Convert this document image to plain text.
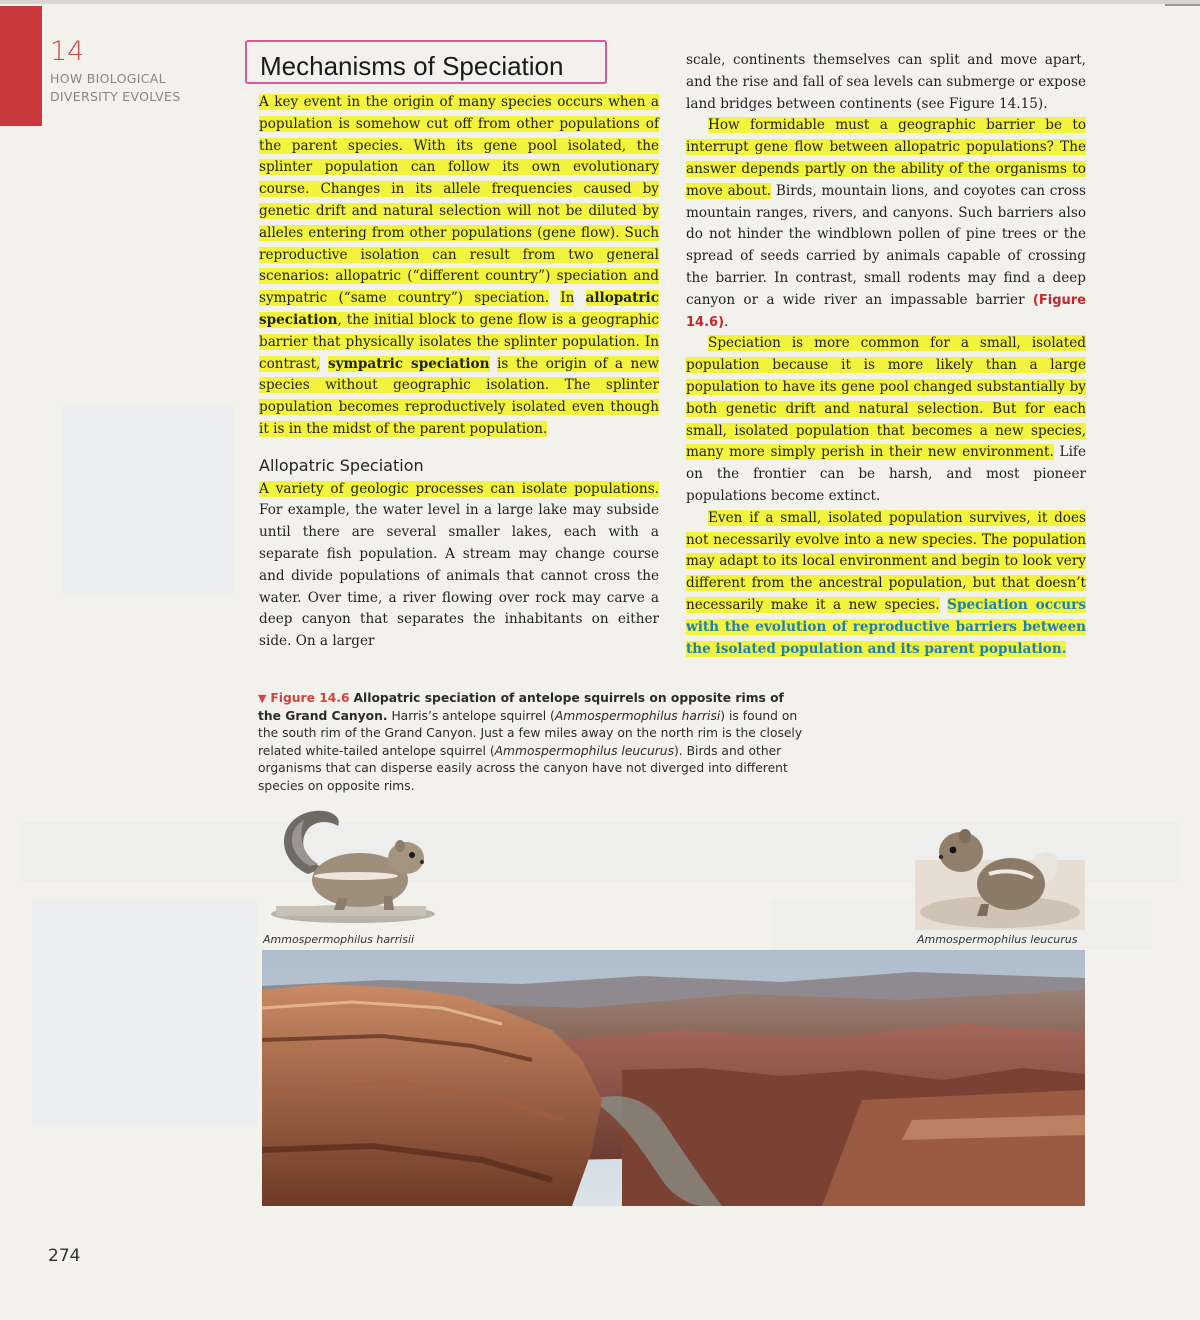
14
HOW BIOLOGICAL DIVERSITY EVOLVES
Mechanisms of Speciation

A key event in the origin of many species occurs when a population is somehow cut off from other populations of the parent species. With its gene pool isolated, the splinter population can follow its own evolutionary course. Changes in its allele frequencies caused by genetic drift and natural selection will not be diluted by alleles entering from other populations (gene flow). Such reproductive isolation can result from two general scenarios: allopatric (“different country”) speciation and sympatric (“same country”) speciation. In allopatric speciation, the initial block to gene flow is a geographic barrier that physically isolates the splinter population. In contrast, sympatric speciation is the origin of a new species without geographic isolation. The splinter population becomes reproductively isolated even though it is in the midst of the parent population.

Allopatric Speciation

A variety of geologic processes can isolate populations. For example, the water level in a large lake may subside until there are several smaller lakes, each with a separate fish population. A stream may change course and divide populations of animals that cannot cross the water. Over time, a river flowing over rock may carve a deep canyon that separates the inhabitants on either side. On a larger

scale, continents themselves can split and move apart, and the rise and fall of sea levels can submerge or expose land bridges between continents (see Figure 14.15).

How formidable must a geographic barrier be to interrupt gene flow between allopatric populations? The answer depends partly on the ability of the organisms to move about. Birds, mountain lions, and coyotes can cross mountain ranges, rivers, and canyons. Such barriers also do not hinder the windblown pollen of pine trees or the spread of seeds carried by animals capable of crossing the barrier. In contrast, small rodents may find a deep canyon or a wide river an impassable barrier (Figure 14.6).

Speciation is more common for a small, isolated population because it is more likely than a large population to have its gene pool changed substantially by both genetic drift and natural selection. But for each small, isolated population that becomes a new species, many more simply perish in their new environment. Life on the frontier can be harsh, and most pioneer populations become extinct.

Even if a small, isolated population survives, it does not necessarily evolve into a new species. The population may adapt to its local environment and begin to look very different from the ancestral population, but that doesn’t necessarily make it a new species. Speciation occurs with the evolution of reproductive barriers between the isolated population and its parent population.

▼ Figure 14.6 Allopatric speciation of antelope squirrels on opposite rims of the Grand Canyon. Harris’s antelope squirrel (Ammospermophilus harrisi) is found on the south rim of the Grand Canyon. Just a few miles away on the north rim is the closely related white-tailed antelope squirrel (Ammospermophilus leucurus). Birds and other organisms that can disperse easily across the canyon have not diverged into different species on opposite rims.
Ammospermophilus harrisii	Ammospermophilus leucurus
274
